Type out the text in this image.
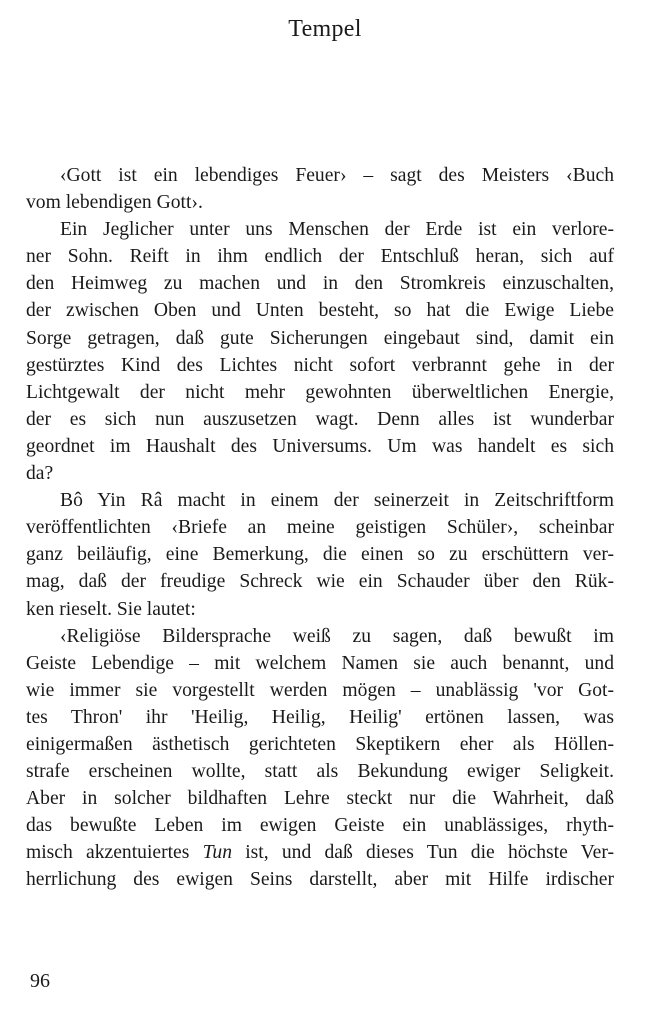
Tempel
‹Gott ist ein lebendiges Feuer› – sagt des Meisters ‹Buch
vom lebendigen Gott›.
Ein Jeglicher unter uns Menschen der Erde ist ein verlore-
ner Sohn. Reift in ihm endlich der Entschluß heran, sich auf
den Heimweg zu machen und in den Stromkreis einzuschalten,
der zwischen Oben und Unten besteht, so hat die Ewige Liebe
Sorge getragen, daß gute Sicherungen eingebaut sind, damit ein
gestürztes Kind des Lichtes nicht sofort verbrannt gehe in der
Lichtgewalt der nicht mehr gewohnten überweltlichen Energie,
der es sich nun auszusetzen wagt. Denn alles ist wunderbar
geordnet im Haushalt des Universums. Um was handelt es sich
da?
Bô Yin Râ macht in einem der seinerzeit in Zeitschriftform
veröffentlichten ‹Briefe an meine geistigen Schüler›, scheinbar
ganz beiläufig, eine Bemerkung, die einen so zu erschüttern ver-
mag, daß der freudige Schreck wie ein Schauder über den Rük-
ken rieselt. Sie lautet:
‹Religiöse Bildersprache weiß zu sagen, daß bewußt im
Geiste Lebendige – mit welchem Namen sie auch benannt, und
wie immer sie vorgestellt werden mögen – unablässig 'vor Got-
tes Thron' ihr 'Heilig, Heilig, Heilig' ertönen lassen, was
einigermaßen ästhetisch gerichteten Skeptikern eher als Höllen-
strafe erscheinen wollte, statt als Bekundung ewiger Seligkeit.
Aber in solcher bildhaften Lehre steckt nur die Wahrheit, daß
das bewußte Leben im ewigen Geiste ein unablässiges, rhyth-
misch akzentuiertes Tun ist, und daß dieses Tun die höchste Ver-
herrlichung des ewigen Seins darstellt, aber mit Hilfe irdischer
96
